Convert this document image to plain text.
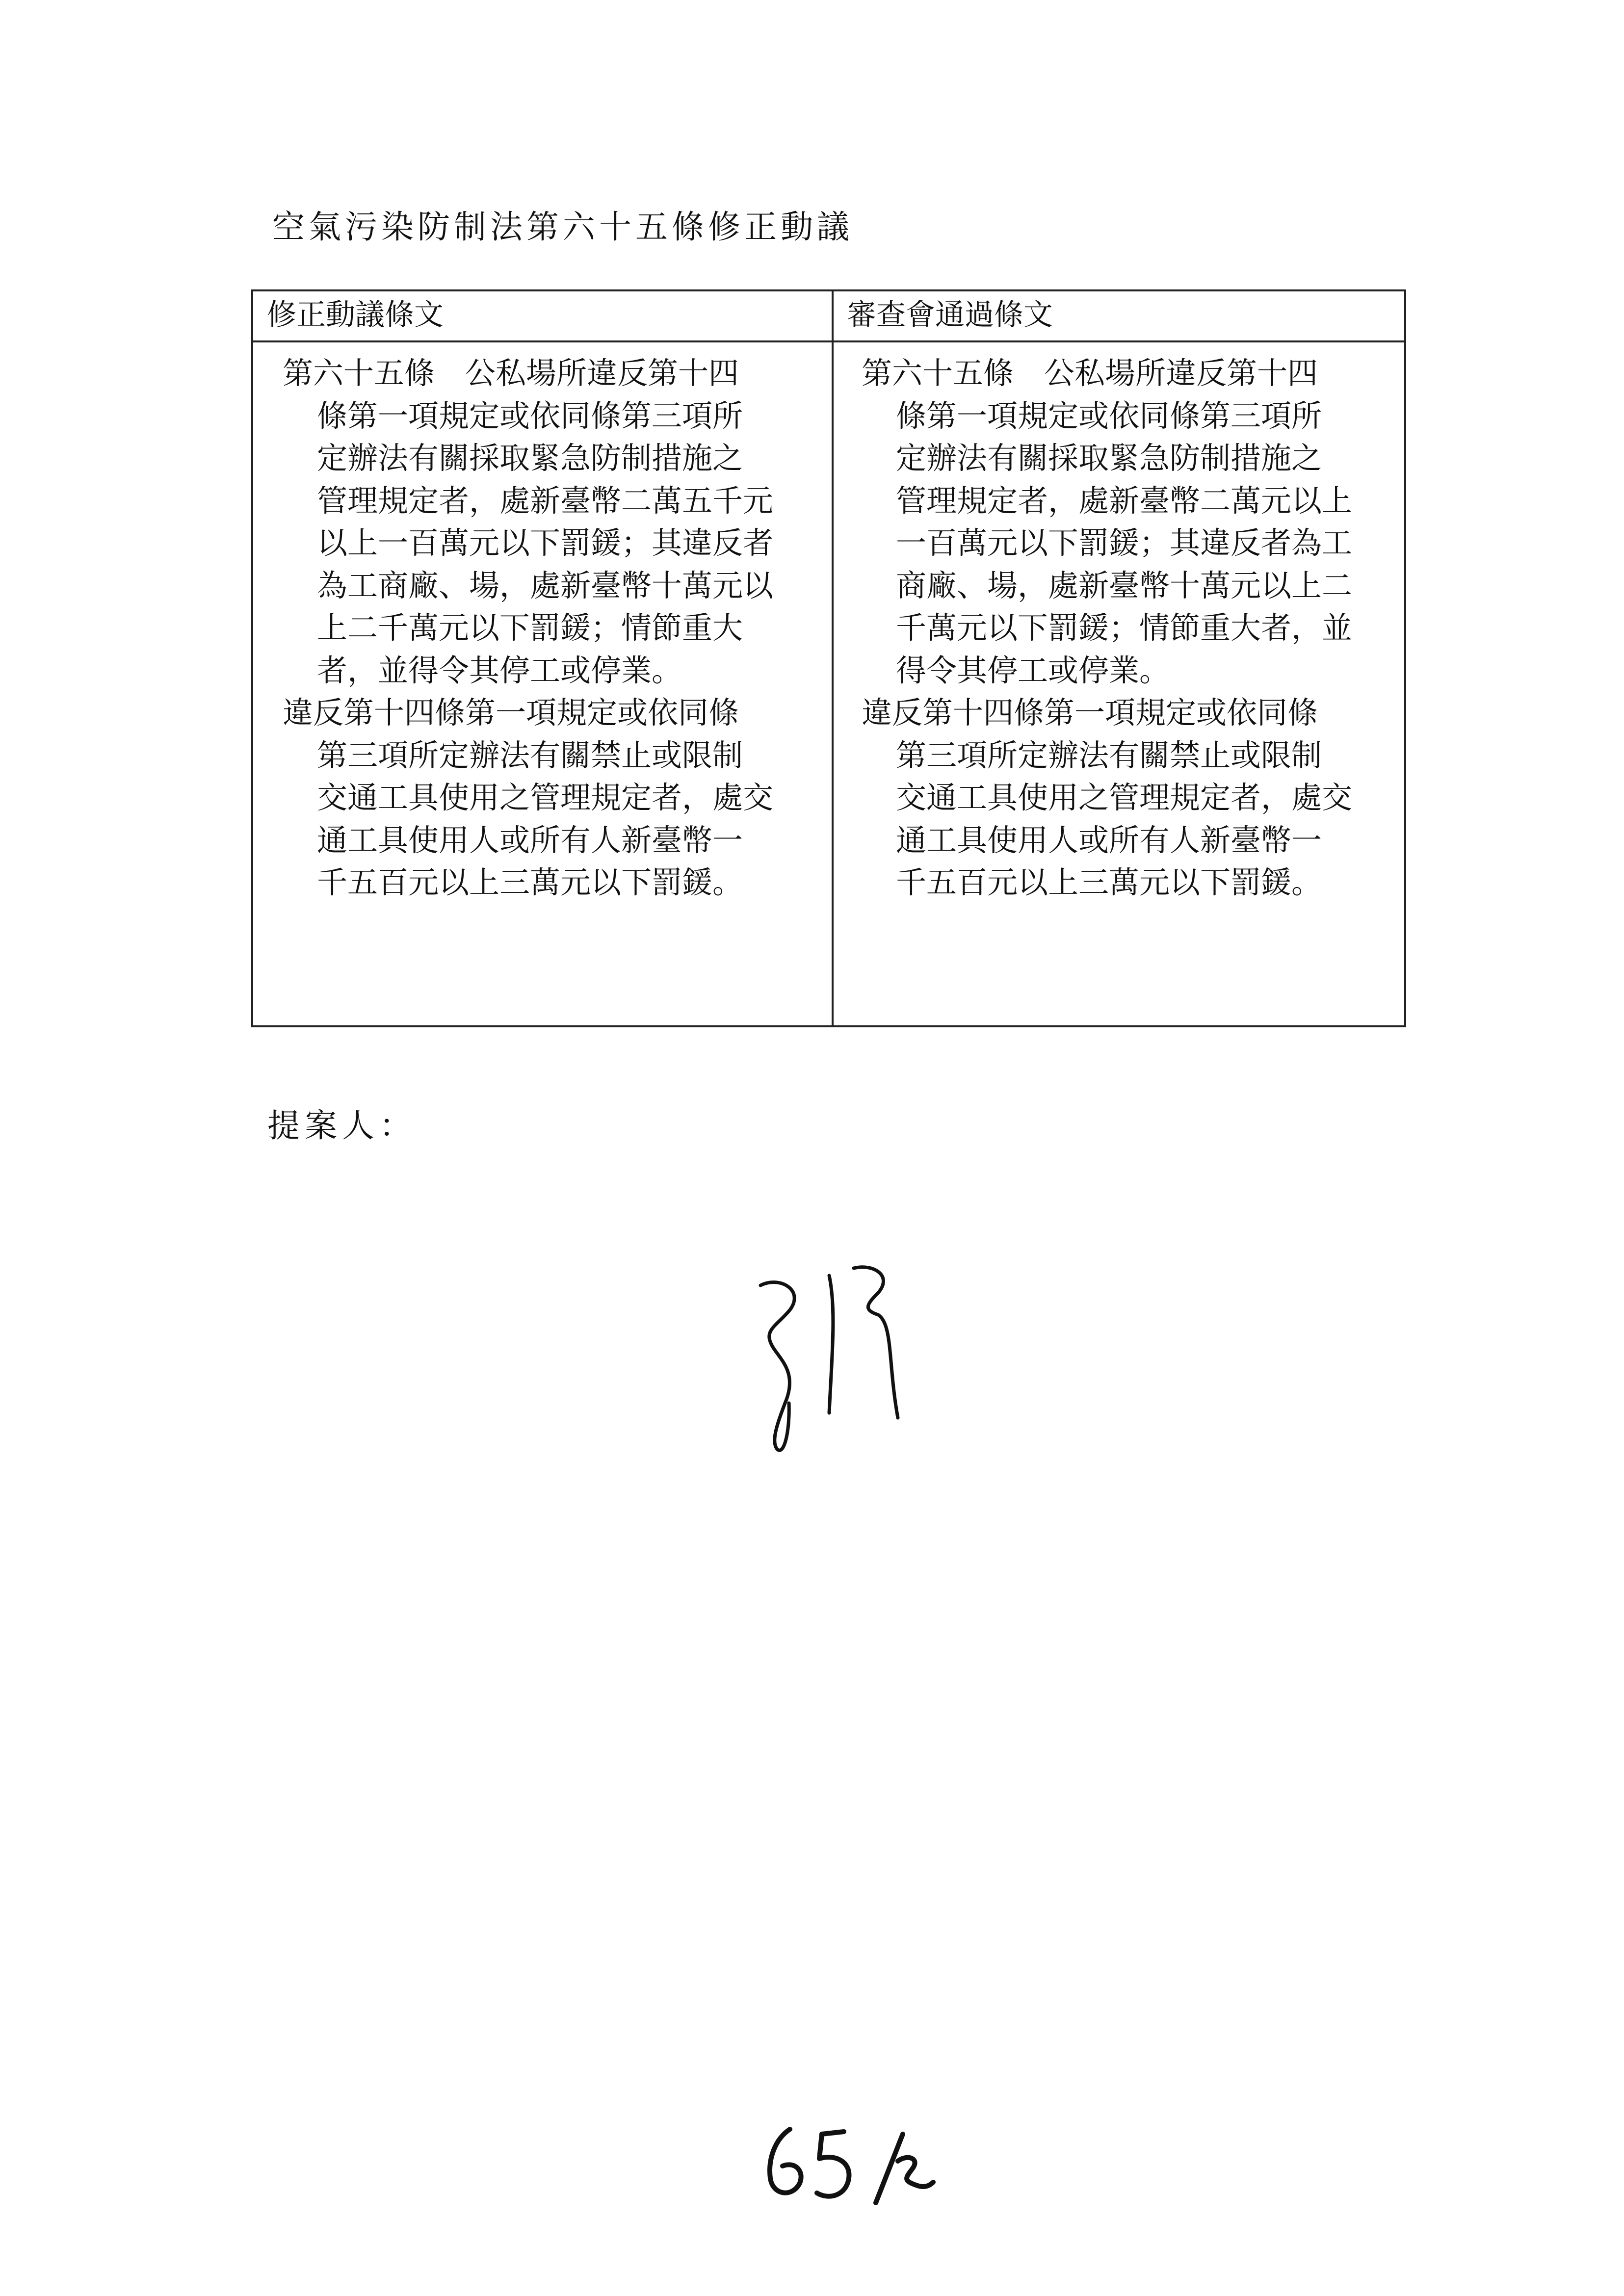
空氣污染防制法第六十五條修正動議
修正動議條文	審查會通過條文

第六十五條　公私場所違反第十四
條第一項規定或依同條第三項所
定辦法有關採取緊急防制措施之
管理規定者，處新臺幣二萬五千元
以上一百萬元以下罰鍰；其違反者
為工商廠、場，處新臺幣十萬元以
上二千萬元以下罰鍰；情節重大
者，並得令其停工或停業。

違反第十四條第一項規定或依同條
第三項所定辦法有關禁止或限制
交通工具使用之管理規定者，處交
通工具使用人或所有人新臺幣一
千五百元以上三萬元以下罰鍰。

第六十五條　公私場所違反第十四
條第一項規定或依同條第三項所
定辦法有關採取緊急防制措施之
管理規定者，處新臺幣二萬元以上
一百萬元以下罰鍰；其違反者為工
商廠、場，處新臺幣十萬元以上二
千萬元以下罰鍰；情節重大者，並
得令其停工或停業。

違反第十四條第一項規定或依同條
第三項所定辦法有關禁止或限制
交通工具使用之管理規定者，處交
通工具使用人或所有人新臺幣一
千五百元以上三萬元以下罰鍰。

提案人：
